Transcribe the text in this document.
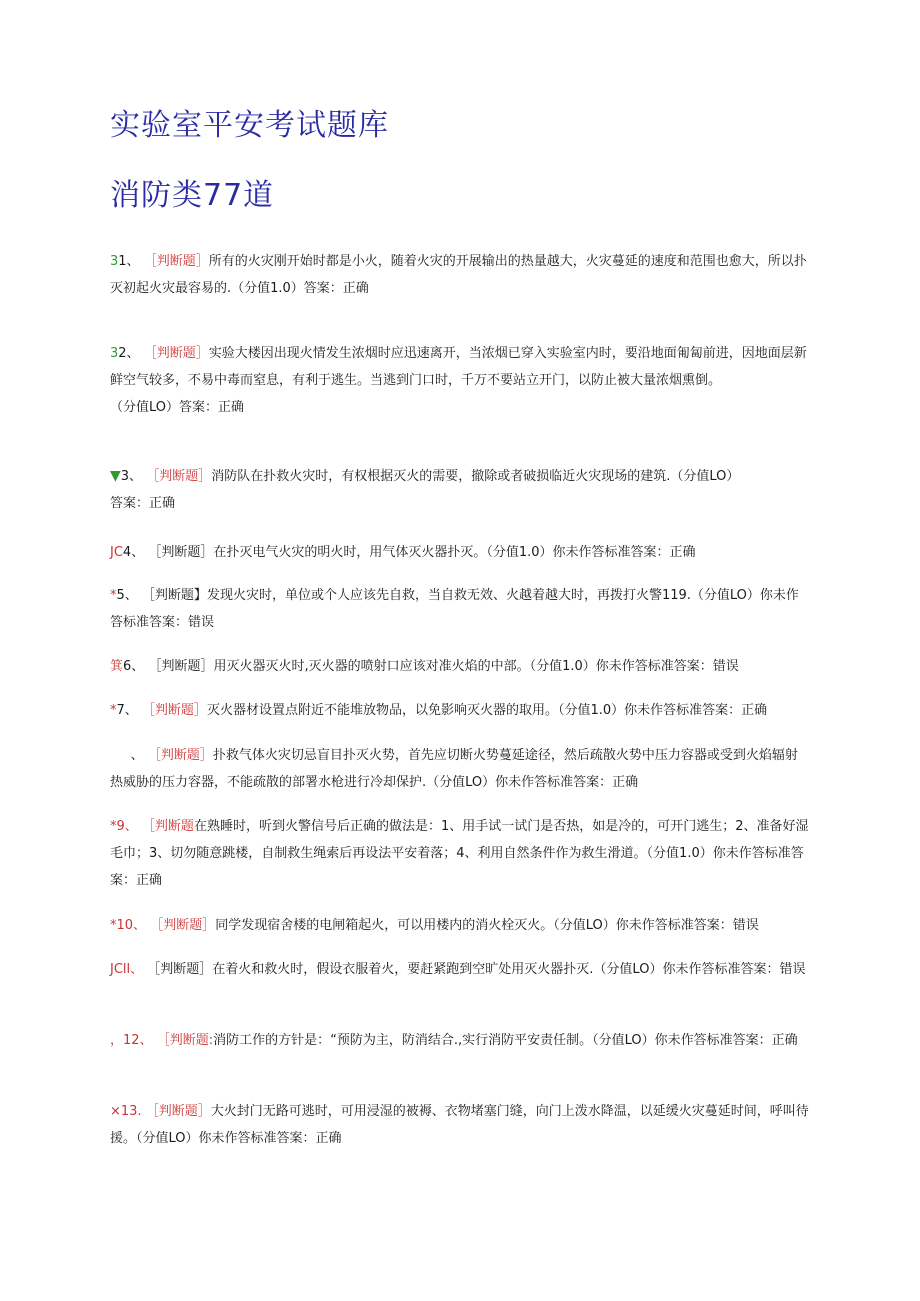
实验室平安考试题库
消防类77道

31、 ［判断题］所有的火灾刚开始时都是小火，随着火灾的开展输出的热量越大，火灾蔓延的速度和范围也愈大，所以扑灭初起火灾最容易的.（分值1.0）答案：正确

32、 ［判断题］实验大楼因出现火情发生浓烟时应迅速离开，当浓烟已穿入实验室内时，要沿地面匍匐前进，因地面层新鲜空气较多，不易中毒而窒息，有利于逃生。当逃到门口时，千万不要站立开门，以防止被大量浓烟熏倒。
（分值LO）答案：正确

▼3、 ［判断题］消防队在扑救火灾时，有权根据灭火的需要，撤除或者破损临近火灾现场的建筑.（分值LO）
答案：正确

JC4、 ［判断题］在扑灭电气火灾的明火时，用气体灭火器扑灭。（分值1.0）你未作答标准答案：正确

*5、 ［判断题】发现火灾时，单位或个人应该先自救，当自救无效、火越着越大时，再拨打火警119.（分值LO）你未作答标准答案：错误

箕6、 ［判断题］用灭火器灭火时,灭火器的喷射口应该对准火焰的中部。（分值1.0）你未作答标准答案：错误

*7、 ［判断题］灭火器材设置点附近不能堆放物品，以免影响灭火器的取用。（分值1.0）你未作答标准答案：正确

、 ［判断题］扑救气体火灾切忌盲目扑灭火势，首先应切断火势蔓延途径，然后疏散火势中压力容器或受到火焰辐射热威胁的压力容器，不能疏散的部署水枪进行冷却保护.（分值LO）你未作答标准答案：正确

*9、 ［判断题在熟睡时，听到火警信号后正确的做法是：1、用手试一试门是否热，如是冷的，可开门逃生；2、准备好湿毛巾；3、切勿随意跳楼，自制救生绳索后再设法平安着落；4、利用自然条件作为救生滑道。（分值1.0）你未作答标准答案：正确

*10、 ［判断题］同学发现宿舍楼的电闸箱起火，可以用楼内的消火栓灭火。（分值LO）你未作答标准答案：错误

JCll、 ［判断题］在着火和救火时，假设衣服着火，要赶紧跑到空旷处用灭火器扑灭.（分值LO）你未作答标准答案：错误

，12、 ［判断题:消防工作的方针是：“预防为主，防消结合.,实行消防平安责任制。（分值LO）你未作答标准答案：正确

×13. ［判断题］大火封门无路可逃时，可用浸湿的被褥、衣物堵塞门缝，向门上泼水降温，以延缓火灾蔓延时间，呼叫待援。（分值LO）你未作答标准答案：正确
